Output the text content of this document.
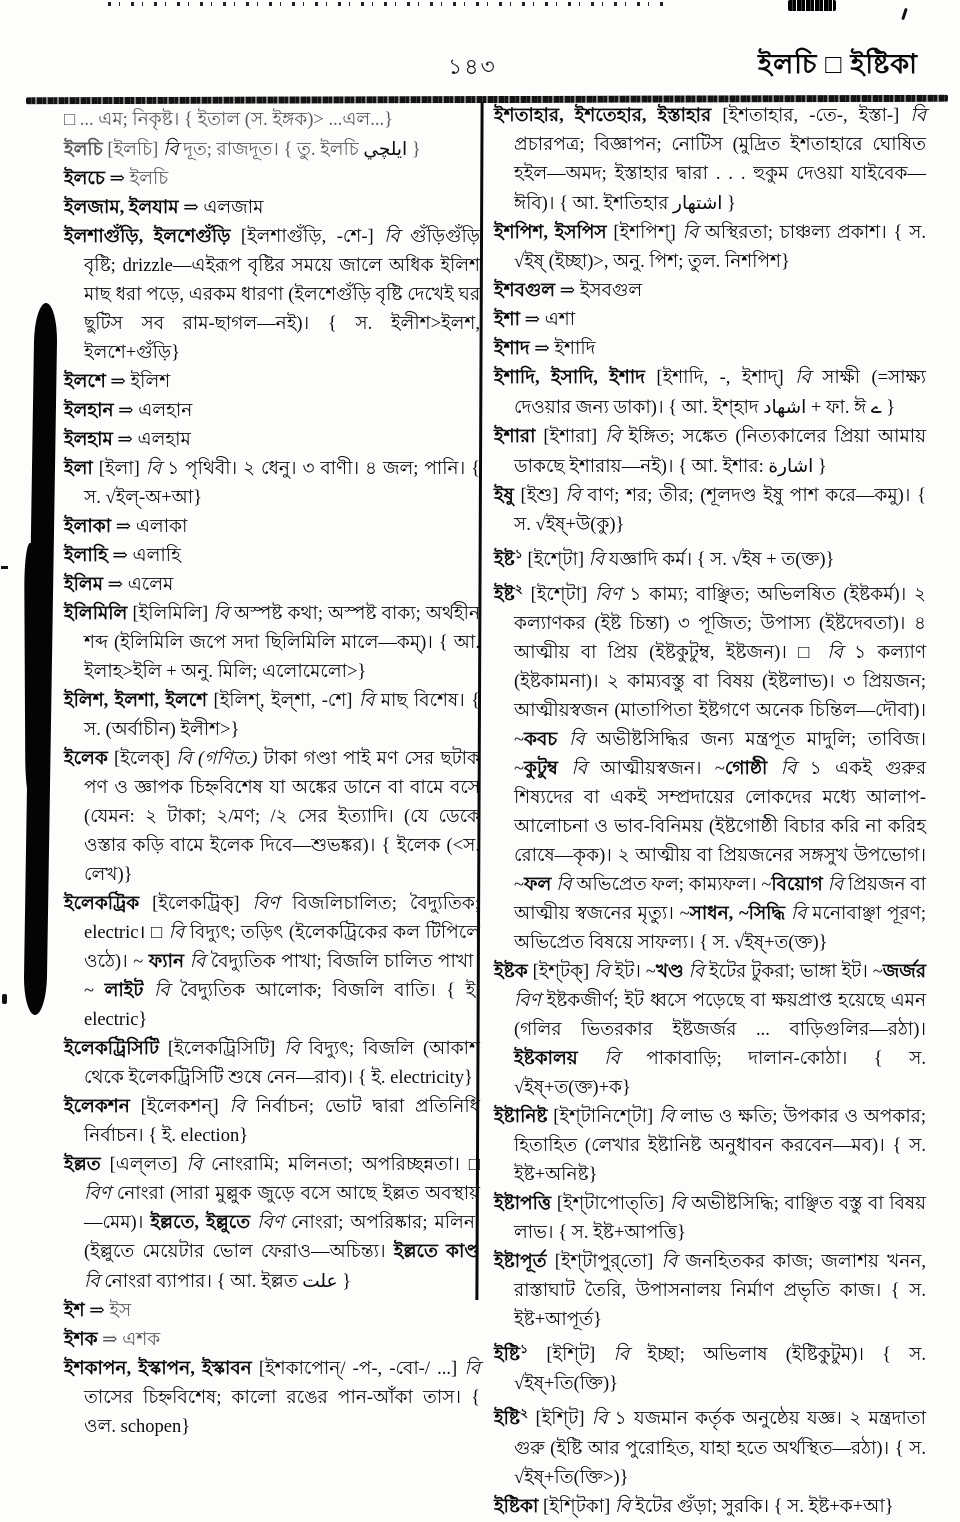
১৪৩	ইলচি □ ইষ্টিকা

□ ... এম; নিকৃষ্ট। { ইতাল (স. ইঙ্গক)> ...এল...}

ইলচি [ইলচি] বি দূত; রাজদূত। { তু. ইলচি ايلچي }

ইলচে ⇒ ইলচি

ইলজাম, ইলযাম ⇒ এলজাম

ইলশাগুঁড়ি, ইলশেগুঁড়ি [ইলশাগুঁড়ি, -শে-] বি গুঁড়িগুঁড়ি বৃষ্টি; drizzle—এইরূপ বৃষ্টির সময়ে জালে অধিক ইলিশ মাছ ধরা পড়ে, এরকম ধারণা (ইলশেগুঁড়ি বৃষ্টি দেখেই ঘর ছুটিস সব রাম-ছাগল—নই)। { স. ইলীশ>ইলশ, ইলশে+গুঁড়ি}

ইলশে ⇒ ইলিশ

ইলহান ⇒ এলহান

ইলহাম ⇒ এলহাম

ইলা [ইলা] বি ১ পৃথিবী। ২ ধেনু। ৩ বাণী। ৪ জল; পানি। { স. √ইল্-অ+আ}

ইলাকা ⇒ এলাকা

ইলাহি ⇒ এলাহি

ইলিম ⇒ এলেম

ইলিমিলি [ইলিমিলি] বি অস্পষ্ট কথা; অস্পষ্ট বাক্য; অর্থহীন শব্দ (ইলিমিলি জপে সদা ছিলিমিলি মালে—কম্)। { আ. ইলাহ>ইলি + অনু. মিলি; এলোমেলো>}

ইলিশ, ইলশা, ইলশে [ইলিশ্, ইল্‌শা, -শে] বি মাছ বিশেষ। { স. (অর্বাচীন) ইলীশ>}

ইলেক [ইলেক্] বি (গণিত.) টাকা গণ্ডা পাই মণ সের ছটাক পণ ও জ্ঞাপক চিহ্নবিশেষ যা অঙ্কের ডানে বা বামে বসে (যেমন: ২ টাকা; ২/মণ; /২ সের ইত্যাদি। (যে ডেকে ওস্তার কড়ি বামে ইলেক দিবে—শুভঙ্কর)। { ইলেক (<স. লেখ)}

ইলেকট্রিক [ইলেকট্রিক্] বিণ বিজলিচালিত; বৈদ্যুতিক; electric। □ বি বিদ্যুৎ; তড়িৎ (ইলেকট্রিকের কল টিপিলে ওঠে)। ~ ফ্যান বি বৈদ্যুতিক পাখা; বিজলি চালিত পাখা। ~ লাইট বি বৈদ্যুতিক আলোক; বিজলি বাতি। { ই. electric}

ইলেকট্রিসিটি [ইলেকট্রিসিটি] বি বিদ্যুৎ; বিজলি (আকাশ থেকে ইলেকট্রিসিটি শুষে নেন—রাব)। { ই. electricity}

ইলেকশন [ইলেকশন্] বি নির্বাচন; ভোট দ্বারা প্রতিনিধি নির্বাচন। { ই. election}

ইল্লত [এল্‌লত] বি নোংরামি; মলিনতা; অপরিচ্ছন্নতা। □ বিণ নোংরা (সারা মুল্লুক জুড়ে বসে আছে ইল্লত অবস্থায়—মেম)। ইল্লতে, ইল্লুতে বিণ নোংরা; অপরিষ্কার; মলিন; (ইল্লুতে মেয়েটার ভোল ফেরাও—অচিন্ত্য। ইল্লতে কাণ্ড বি নোংরা ব্যাপার। { আ. ইল্লত علت }

ইশ ⇒ ইস

ইশক ⇒ এশক

ইশকাপন, ইস্কাপন, ইস্কাবন [ইশকাপোন্/ -প-, -বো-/ ...] বি তাসের চিহ্নবিশেষ; কালো রঙের পান-আঁকা তাস। { ওল. schopen}

ইশতাহার, ইশতেহার, ইস্তাহার [ইশতাহার, -তে-, ইস্তা-] বি প্রচারপত্র; বিজ্ঞাপন; নোটিস (মুদ্রিত ইশতাহারে ঘোষিত হইল—অমদ; ইস্তাহার দ্বারা . . . হুকুম দেওয়া যাইবেক—ঈবি)। { আ. ইশতিহার اشتهار }

ইশপিশ, ইসপিস [ইশপিশ্] বি অস্থিরতা; চাঞ্চল্য প্রকাশ। { স. √ইষ্ (ইচ্ছা)>, অনু. পিশ; তুল. নিশপিশ}

ইশবগুল ⇒ ইসবগুল

ইশা ⇒ এশা

ইশাদ ⇒ ইশাদি

ইশাদি, ইসাদি, ইশাদ [ইশাদি, -, ইশাদ্] বি সাক্ষী (=সাক্ষ্য দেওয়ার জন্য ডাকা)। { আ. ইশ্‌হাদ اشهاد + ফা. ঈ ے }

ইশারা [ইশারা] বি ইঙ্গিত; সঙ্কেত (নিত্যকালের প্রিয়া আমায় ডাকছে ইশারায়—নই)। { আ. ইশার: اشارة }

ইষু [ইশু] বি বাণ; শর; তীর; (শূলদণ্ড ইষু পাশ করে—কমু)। { স. √ইষ্+উ(কু)}

ইষ্ট$^১$ [ইশ্টো] বি যজ্ঞাদি কর্ম। { স. √ইষ + ত(ক্ত)}

ইষ্ট$^২$ [ইশ্টো] বিণ ১ কাম্য; বাঞ্ছিত; অভিলষিত (ইষ্টকর্ম)। ২ কল্যাণকর (ইষ্ট চিন্তা) ৩ পূজিত; উপাস্য (ইষ্টদেবতা)। ৪ আত্মীয় বা প্রিয় (ইষ্টকুটুম্ব, ইষ্টজন)। □ বি ১ কল্যাণ (ইষ্টকামনা)। ২ কাম্যবস্তু বা বিষয় (ইষ্টলাভ)। ৩ প্রিয়জন; আত্মীয়স্বজন (মাতাপিতা ইষ্টগণে অনেক চিন্তিল—দৌবা)। ~কবচ বি অভীষ্টসিদ্ধির জন্য মন্ত্রপূত মাদুলি; তাবিজ। ~কুটুম্ব বি আত্মীয়স্বজন। ~গোষ্ঠী বি ১ একই গুরুর শিষ্যদের বা একই সম্প্রদায়ের লোকদের মধ্যে আলাপ-আলোচনা ও ভাব-বিনিময় (ইষ্টগোষ্ঠী বিচার করি না করিহ রোষে—কৃক)। ২ আত্মীয় বা প্রিয়জনের সঙ্গসুখ উপভোগ। ~ফল বি অভিপ্রেত ফল; কাম্যফল। ~বিয়োগ বি প্রিয়জন বা আত্মীয় স্বজনের মৃত্যু। ~সাধন, ~সিদ্ধি বি মনোবাঞ্ছা পূরণ; অভিপ্রেত বিষয়ে সাফল্য। { স. √ইষ্+ত(ক্ত)}

ইষ্টক [ইশ্টক্] বি ইট। ~খণ্ড বি ইটের টুকরা; ভাঙ্গা ইট। ~জর্জর বিণ ইষ্টকজীর্ণ; ইট ধ্বসে পড়েছে বা ক্ষয়প্রাপ্ত হয়েছে এমন (গলির ভিতরকার ইষ্টজর্জর ... বাড়িগুলির—রঠা)। ইষ্টকালয় বি পাকাবাড়ি; দালান-কোঠা। { স. √ইষ্+ত(ক্ত)+ক}

ইষ্টানিষ্ট [ইশ্টানিশ্টো] বি লাভ ও ক্ষতি; উপকার ও অপকার; হিতাহিত (লেখার ইষ্টানিষ্ট অনুধাবন করবেন—মব)। { স. ইষ্ট+অনিষ্ট}

ইষ্টাপত্তি [ইশ্টাপোত্‌তি] বি অভীষ্টসিদ্ধি; বাঞ্ছিত বস্তু বা বিষয় লাভ। { স. ইষ্ট+আপত্তি}

ইষ্টাপূর্ত [ইশ্টাপুর্‌তো] বি জনহিতকর কাজ; জলাশয় খনন, রাস্তাঘাট তৈরি, উপাসনালয় নির্মাণ প্রভৃতি কাজ। { স. ইষ্ট+আপূর্ত}

ইষ্টি$^১$ [ইশ্টি] বি ইচ্ছা; অভিলাষ (ইষ্টিকুটুম)। { স. √ইষ্+তি(ক্তি)}

ইষ্টি$^২$ [ইশ্টি] বি ১ যজমান কর্তৃক অনুষ্ঠেয় যজ্ঞ। ২ মন্ত্রদাতা গুরু (ইষ্টি আর পুরোহিত, যাহা হতে অর্থস্থিত—রঠা)। { স. √ইষ্+তি(ক্তি>)}

ইষ্টিকা [ইশ্টিকা] বি ইটের গুঁড়া; সুরকি। { স. ইষ্ট+ক+আ}
